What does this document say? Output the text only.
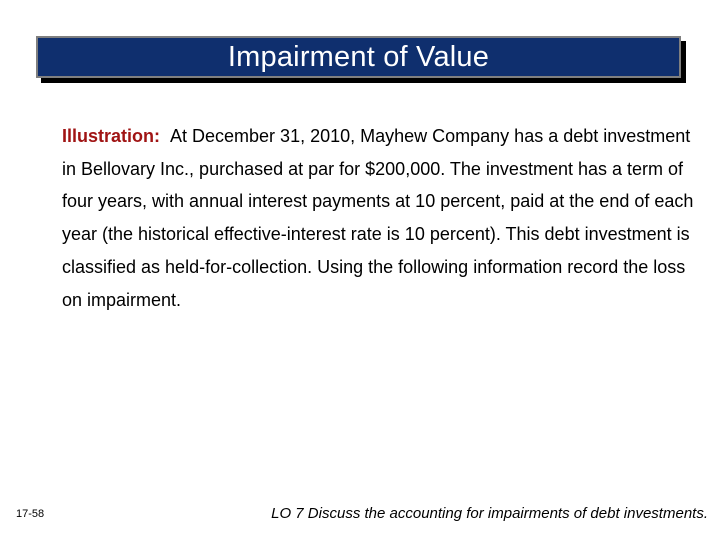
Impairment of Value
Illustration: At December 31, 2010, Mayhew Company has a debt investment in Bellovary Inc., purchased at par for $200,000. The investment has a term of four years, with annual interest payments at 10 percent, paid at the end of each year (the historical effective-interest rate is 10 percent). This debt investment is classified as held-for-collection. Using the following information record the loss on impairment.
17-58	LO 7 Discuss the accounting for impairments of debt investments.
